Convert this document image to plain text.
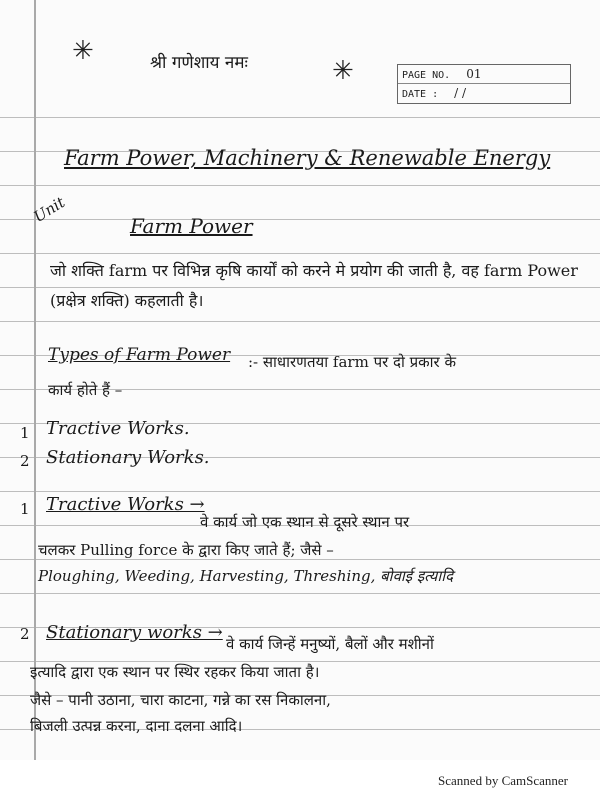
✳	श्री गणेशाय नमः	✳	PAGE NO. 01
DATE : / /
Farm Power, Machinery & Renewable Energy
Unit	Farm Power
जो शक्ति farm पर विभिन्न कृषि कार्यों को करने मे प्रयोग की जाती है, वह farm Power (प्रक्षेत्र शक्ति) कहलाती है।
Types of Farm Power :- साधारणतया farm पर दो प्रकार के
कार्य होते हैं –
1 Tractive Works.
2 Stationary Works.
1 Tractive Works →
वे कार्य जो एक स्थान से दूसरे स्थान पर
चलकर Pulling force के द्वारा किए जाते हैं; जैसे –
Ploughing, Weeding, Harvesting, Threshing, बोवाई इत्यादि
2 Stationary works →
वे कार्य जिन्हें मनुष्यों, बैलों और मशीनों
इत्यादि द्वारा एक स्थान पर स्थिर रहकर किया जाता है।
जैसे – पानी उठाना, चारा काटना, गन्ने का रस निकालना,
बिजली उत्पन्न करना, दाना दलना आदि।
Scanned by CamScanner
